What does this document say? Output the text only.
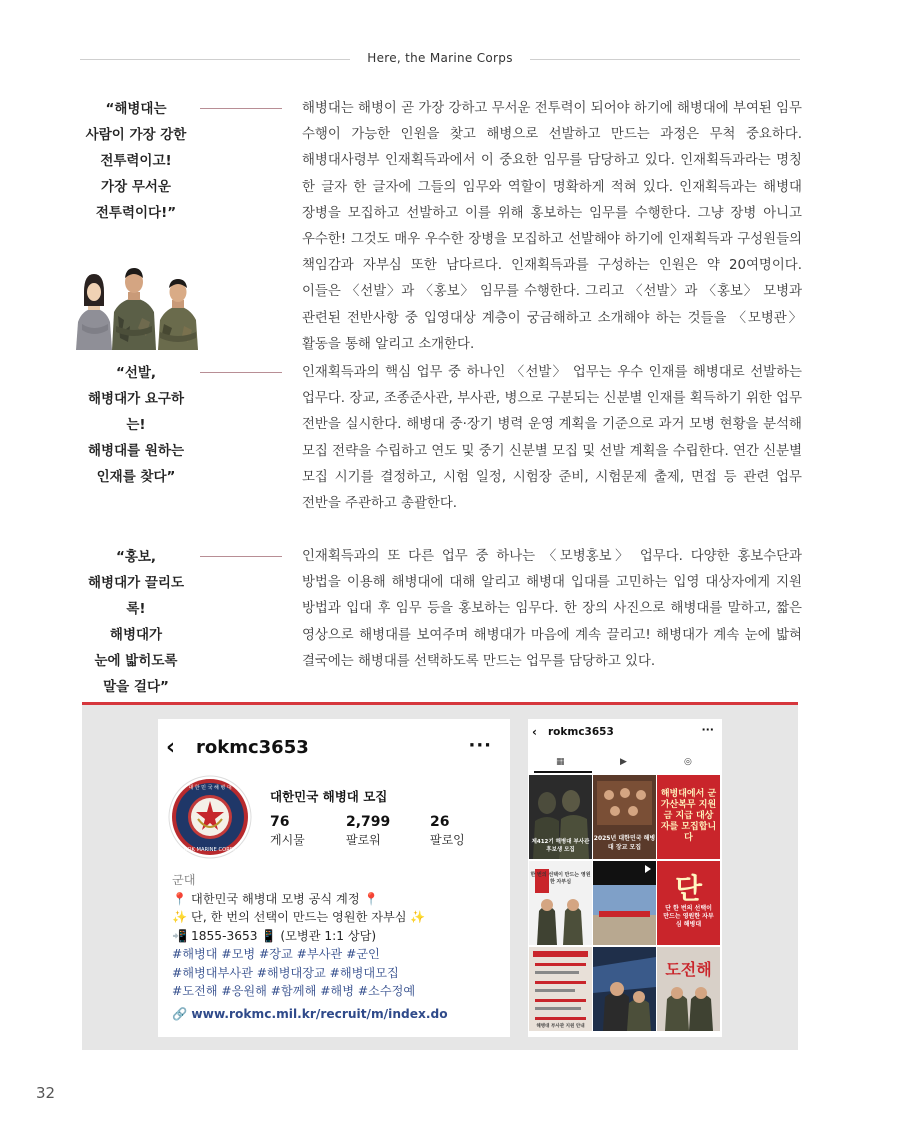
Here, the Marine Corps
“해병대는
사람이 가장 강한
전투력이고!
가장 무서운
전투력이다!”
해병대는 해병이 곧 가장 강하고 무서운 전투력이 되어야 하기에 해병대에 부여된 임무 수행이 가능한 인원을 찾고 해병으로 선발하고 만드는 과정은 무척 중요하다. 해병대사령부 인재획득과에서 이 중요한 임무를 담당하고 있다. 인재획득과라는 명칭 한 글자 한 글자에 그들의 임무와 역할이 명확하게 적혀 있다. 인재획득과는 해병대 장병을 모집하고 선발하고 이를 위해 홍보하는 임무를 수행한다. 그냥 장병 아니고 우수한! 그것도 매우 우수한 장병을 모집하고 선발해야 하기에 인재획득과 구성원들의 책임감과 자부심 또한 남다르다. 인재획득과를 구성하는 인원은 약 20여명이다. 이들은 〈선발〉과 〈홍보〉 임무를 수행한다. 그리고 〈선발〉과 〈홍보〉 모병과 관련된 전반사항 중 입영대상 계층이 궁금해하고 소개해야 하는 것들을 〈모병관〉 활동을 통해 알리고 소개한다.
“선발,
해병대가 요구하는!
해병대를 원하는
인재를 찾다”
인재획득과의 핵심 업무 중 하나인 〈선발〉 업무는 우수 인재를 해병대로 선발하는 업무다. 장교, 조종준사관, 부사관, 병으로 구분되는 신분별 인재를 획득하기 위한 업무 전반을 실시한다. 해병대 중·장기 병력 운영 계획을 기준으로 과거 모병 현황을 분석해 모집 전략을 수립하고 연도 및 중기 신분별 모집 및 선발 계획을 수립한다. 연간 신분별 모집 시기를 결정하고, 시험 일정, 시험장 준비, 시험문제 출제, 면접 등 관련 업무 전반을 주관하고 총괄한다.
“홍보,
해병대가 끌리도록!
해병대가
눈에 밟히도록
말을 걸다”
인재획득과의 또 다른 업무 중 하나는 〈모병홍보〉 업무다. 다양한 홍보수단과 방법을 이용해 해병대에 대해 알리고 해병대 입대를 고민하는 입영 대상자에게 지원 방법과 입대 후 임무 등을 홍보하는 임무다. 한 장의 사진으로 해병대를 말하고, 짧은 영상으로 해병대를 보여주며 해병대가 마음에 계속 끌리고! 해병대가 계속 눈에 밟혀 결국에는 해병대를 선택하도록 만드는 업무를 담당하고 있다.
‹ rokmc3653	···
대 한 민 국 해 병 대
ROK MARINE CORPS
대한민국 해병대 모집
76
게시물
2,799
팔로워
26
팔로잉
군대
📍 대한민국 해병대 모병 공식 계정 📍
✨ 단, 한 번의 선택이 만드는 영원한 자부심 ✨
📲 1855-3653 📱 (모병관 1:1 상담)
#해병대 #모병 #장교 #부사관 #군인
#해병대부사관 #해병대장교 #해병대모집
#도전해 #응원해 #함께해 #해병 #소수정예
🔗 www.rokmc.mil.kr/recruit/m/index.do
‹ rokmc3653	···
▦	▶	◎
제412기 해병대 부사관 후보생 모집
2025년 대한민국 해병대 장교 모집
해병대에서 군 가산복무 지원금 지급 대상자를 모집합니다
한 번의 선택이 만드는 영원한 자부심	단
단 한 번의 선택이 만드는 영원한 자부심 해병대
해병대 부사관 지원 안내
도전해
32
